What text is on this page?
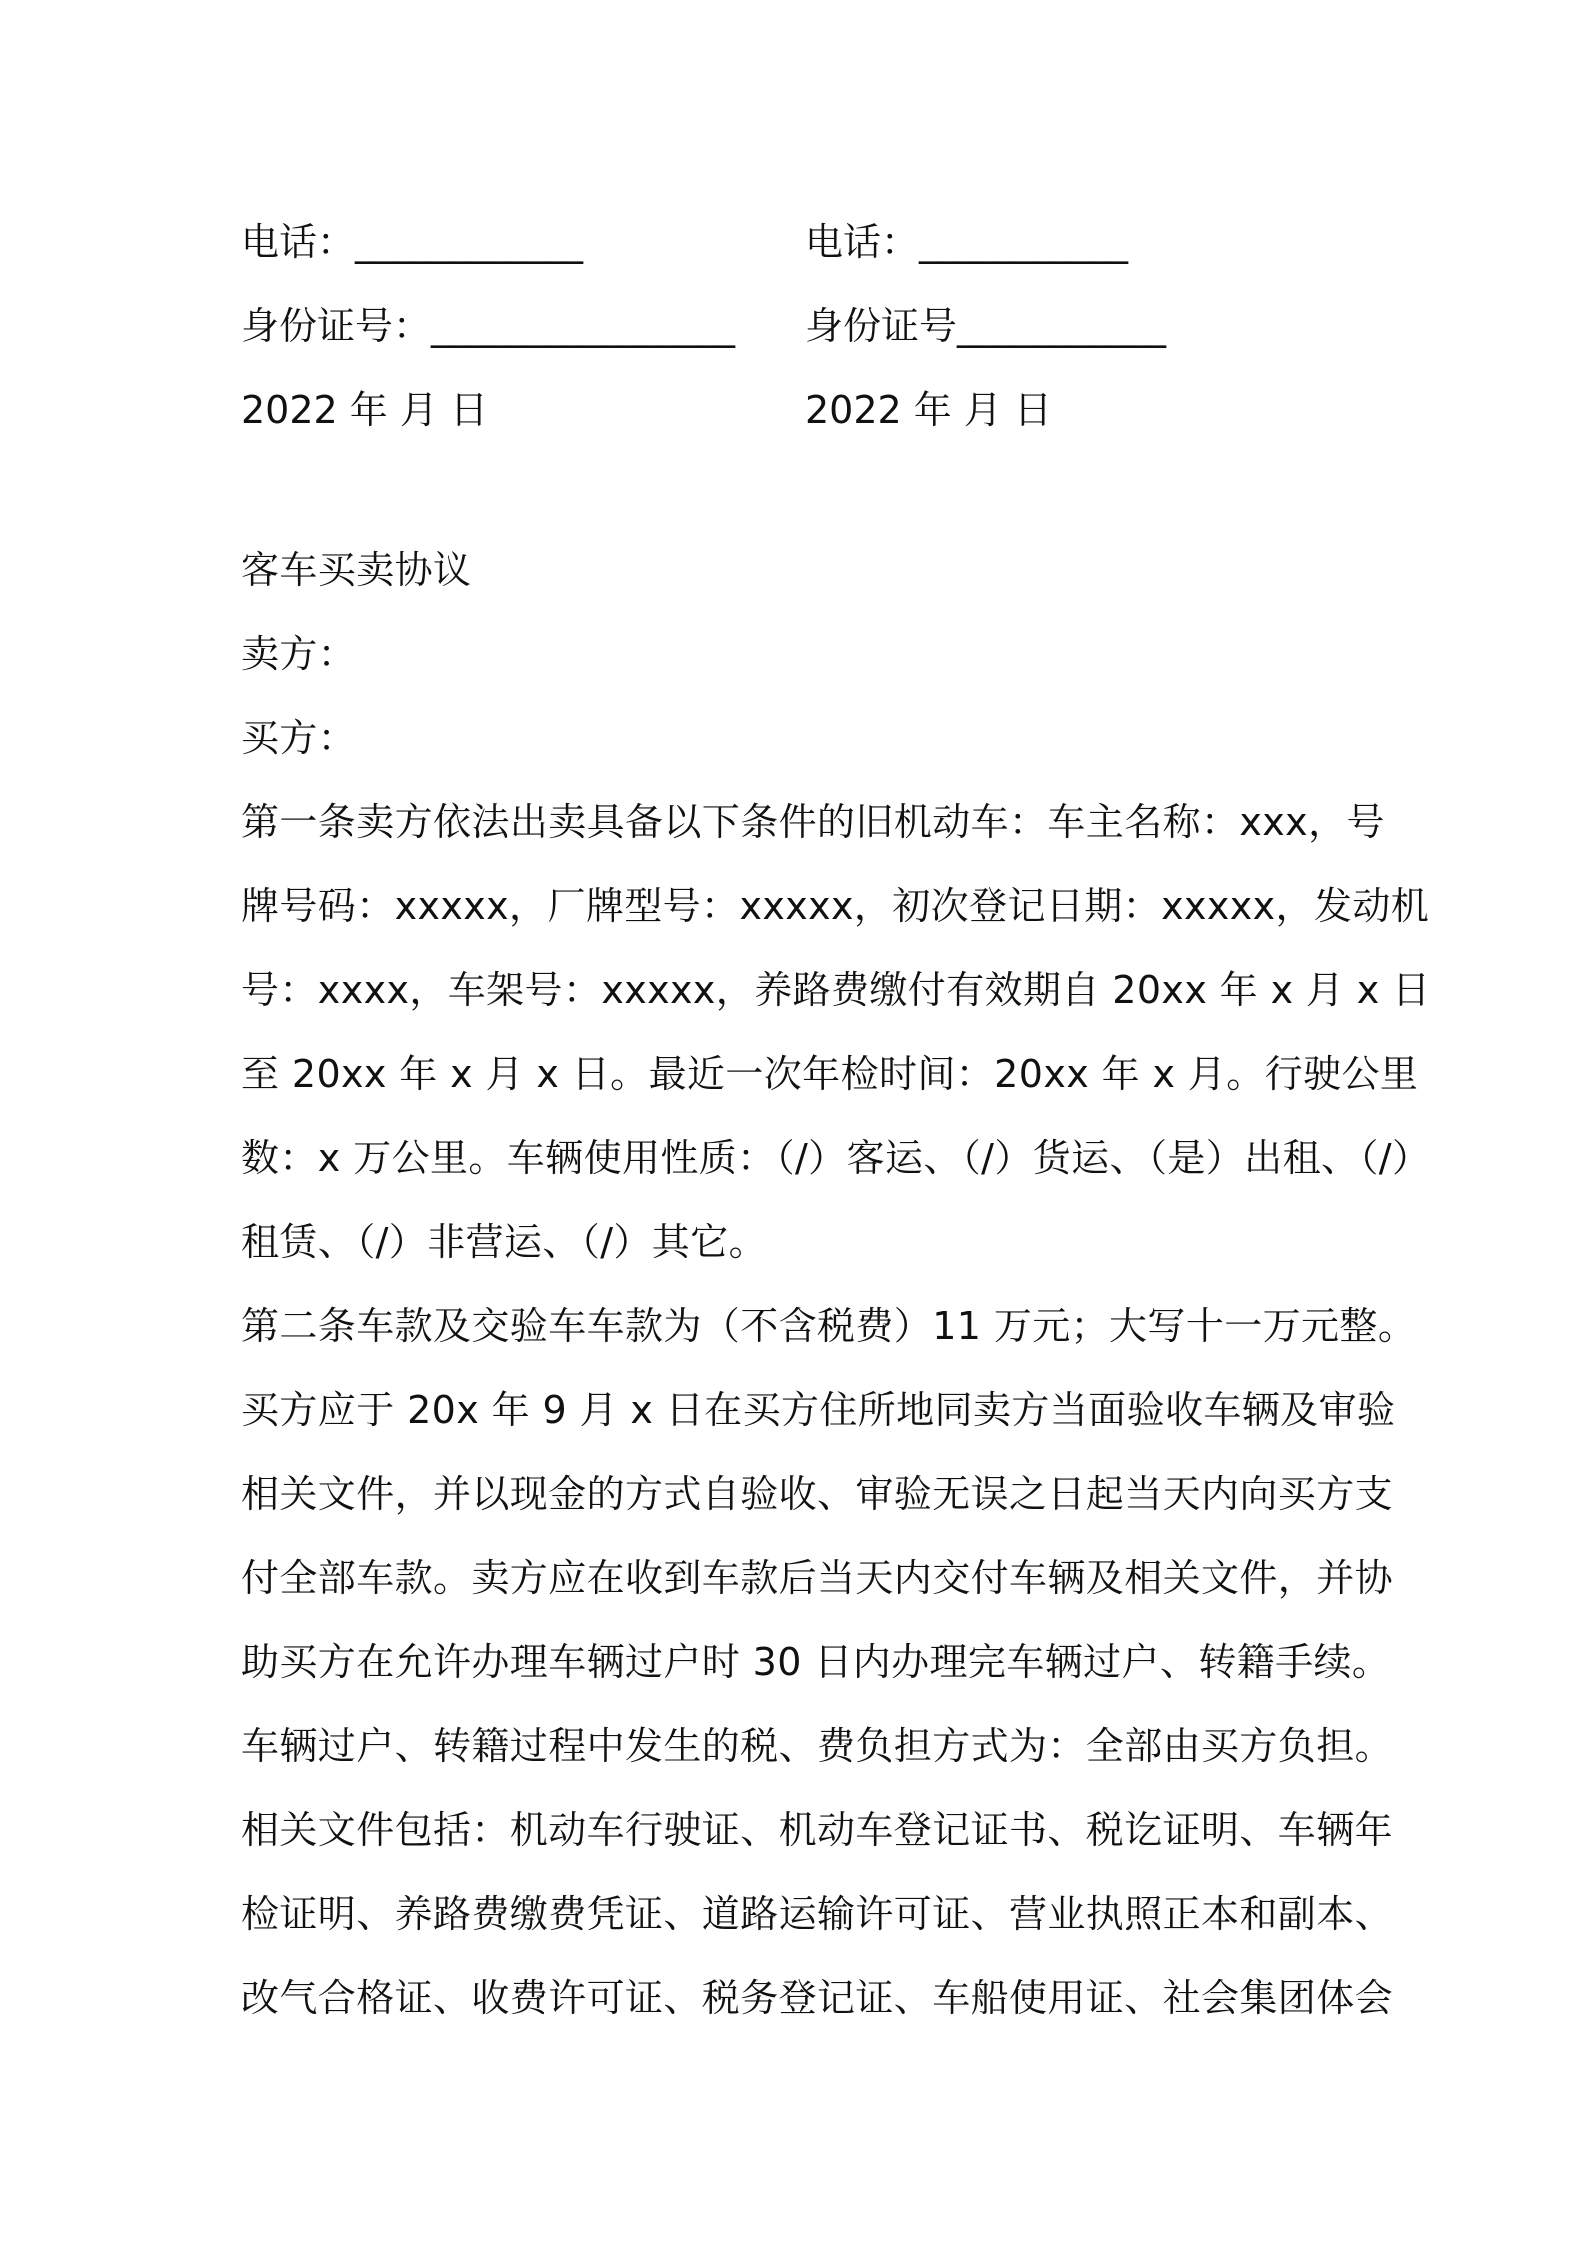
电话：____________	电话：___________
身份证号：________________	身份证号___________
2022 年 月 日	2022 年 月 日
客车买卖协议
卖方：
买方：
第一条卖方依法出卖具备以下条件的旧机动车：车主名称：xxx，号
牌号码：xxxxx，厂牌型号：xxxxx，初次登记日期：xxxxx，发动机
号：xxxx，车架号：xxxxx，养路费缴付有效期自 20xx 年 x 月 x 日
至 20xx 年 x 月 x 日。最近一次年检时间：20xx 年 x 月。行驶公里
数：x 万公里。车辆使用性质：（/）客运、（/）货运、（是）出租、（/）
租赁、（/）非营运、（/）其它。
第二条车款及交验车车款为（不含税费）11 万元；大写十一万元整。
买方应于 20x 年 9 月 x 日在买方住所地同卖方当面验收车辆及审验
相关文件，并以现金的方式自验收、审验无误之日起当天内向买方支
付全部车款。卖方应在收到车款后当天内交付车辆及相关文件，并协
助买方在允许办理车辆过户时 30 日内办理完车辆过户、转籍手续。
车辆过户、转籍过程中发生的税、费负担方式为：全部由买方负担。
相关文件包括：机动车行驶证、机动车登记证书、税讫证明、车辆年
检证明、养路费缴费凭证、道路运输许可证、营业执照正本和副本、
改气合格证、收费许可证、税务登记证、车船使用证、社会集团体会
